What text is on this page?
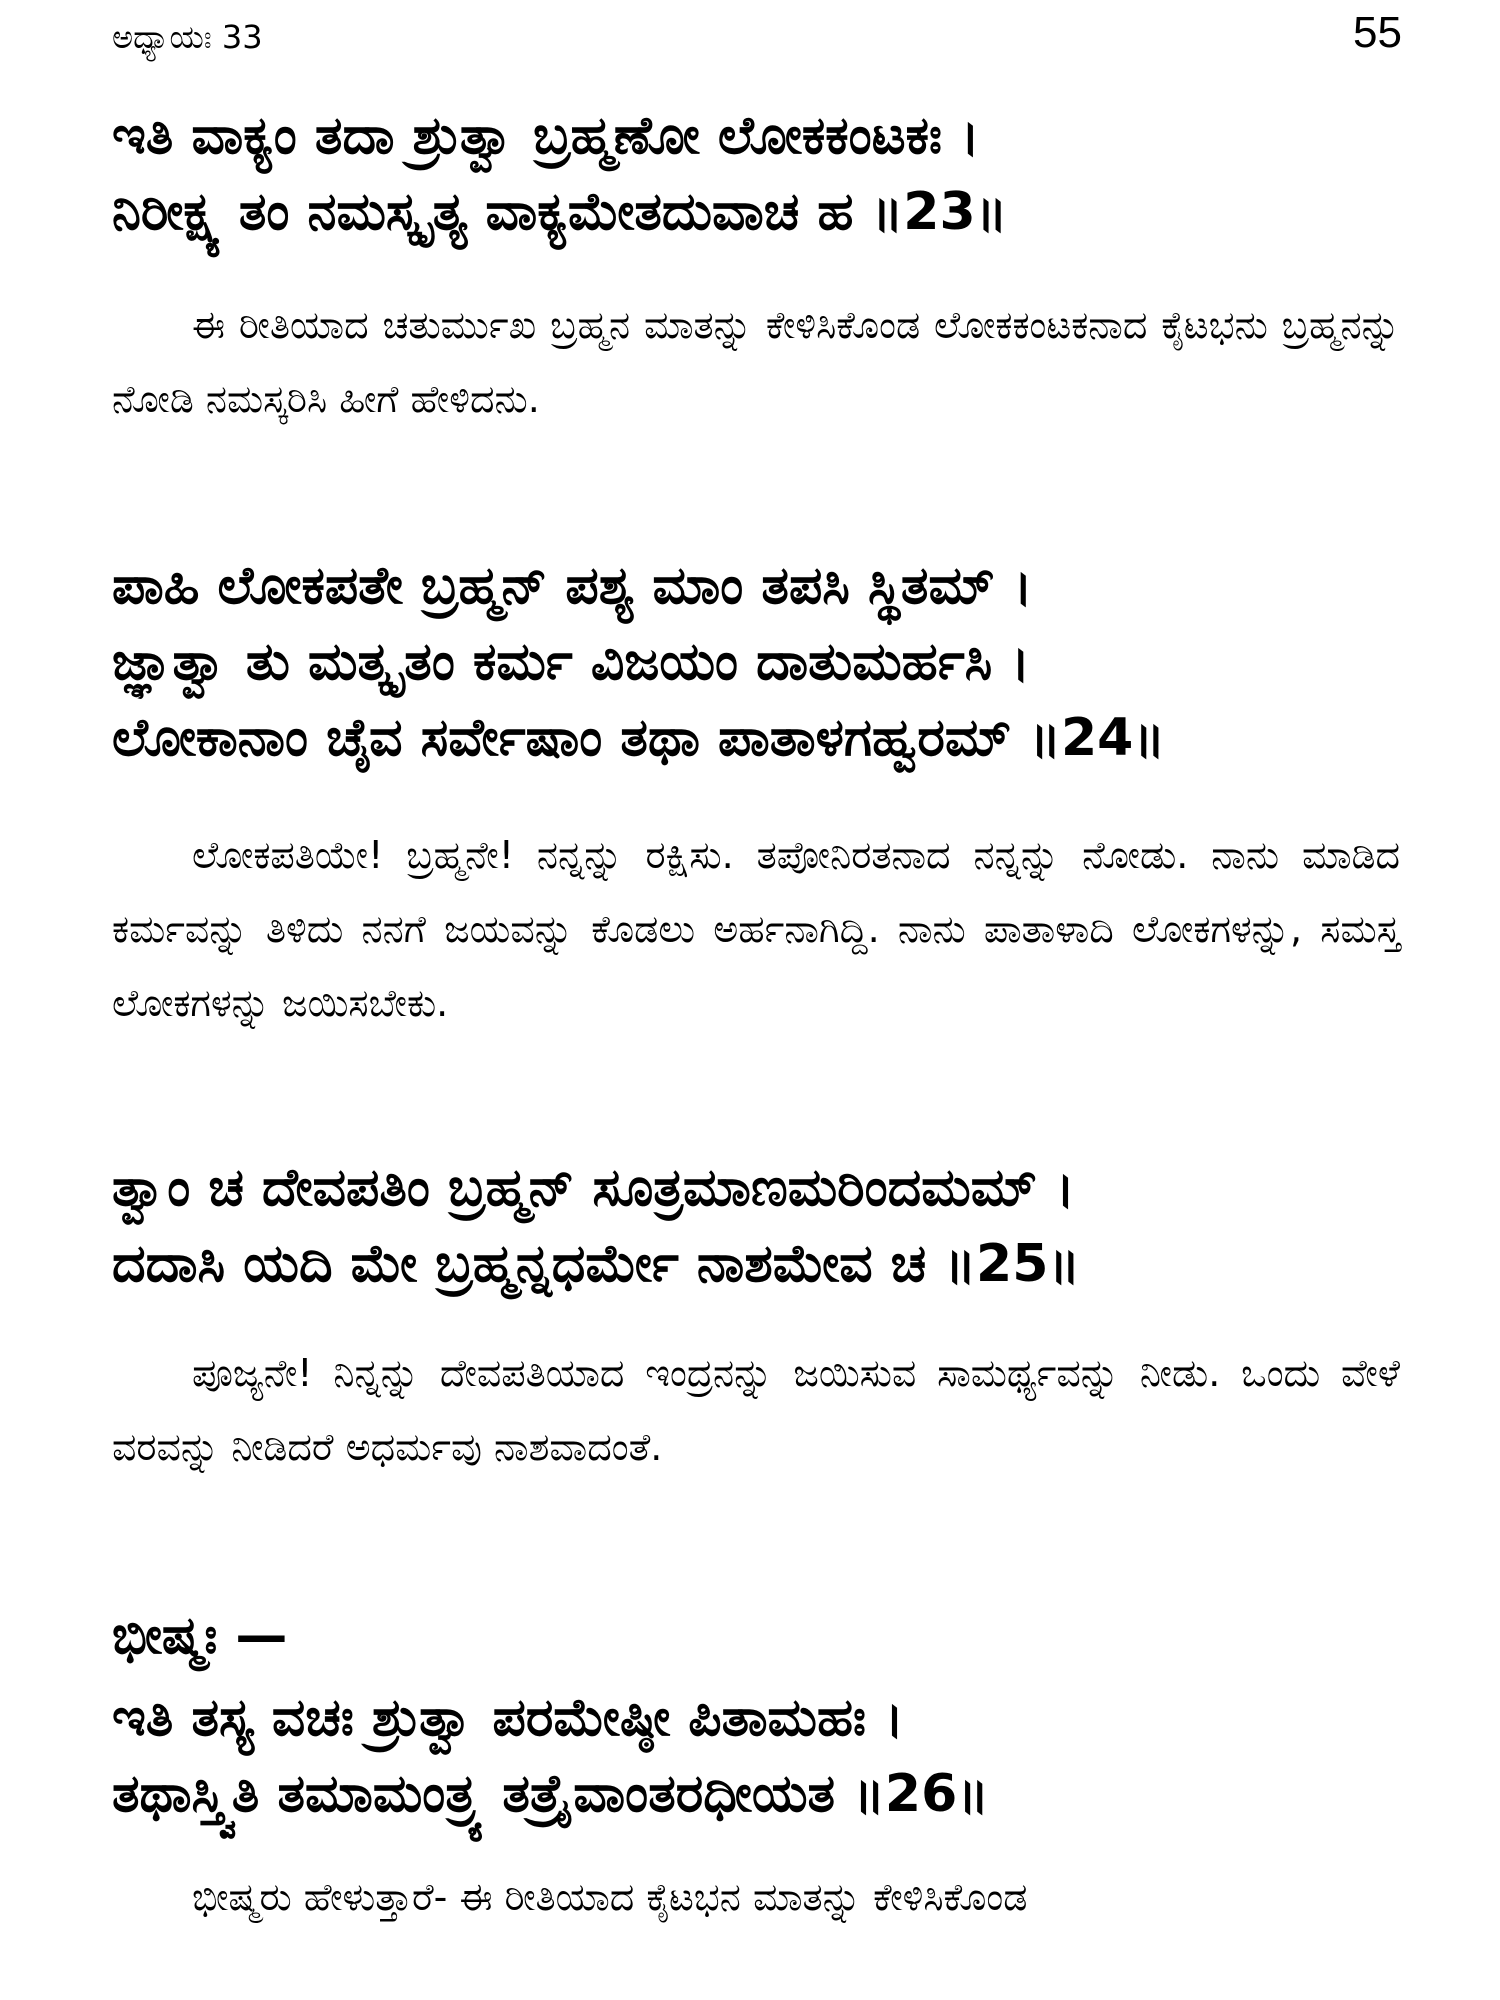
ಅಧ್ಯಾಯಃ 33	55
ಇತಿ ವಾಕ್ಯಂ ತದಾ ಶ್ರುತ್ವಾ ಬ್ರಹ್ಮಣೋ ಲೋಕಕಂಟಕಃ ।
ನಿರೀಕ್ಷ್ಯ ತಂ ನಮಸ್ಕೃತ್ಯ ವಾಕ್ಯಮೇತದುವಾಚ ಹ ॥23॥
ಈ ರೀತಿಯಾದ ಚತುರ್ಮುಖ ಬ್ರಹ್ಮನ ಮಾತನ್ನು ಕೇಳಿಸಿಕೊಂಡ ಲೋಕಕಂಟಕನಾದ ಕೈಟಭನು ಬ್ರಹ್ಮನನ್ನು ನೋಡಿ ನಮಸ್ಕರಿಸಿ ಹೀಗೆ ಹೇಳಿದನು.
ಪಾಹಿ ಲೋಕಪತೇ ಬ್ರಹ್ಮನ್ ಪಶ್ಯ ಮಾಂ ತಪಸಿ ಸ್ಥಿತಮ್ ।
ಜ್ಞಾತ್ವಾ ತು ಮತ್ಕೃತಂ ಕರ್ಮ ವಿಜಯಂ ದಾತುಮರ್ಹಸಿ ।
ಲೋಕಾನಾಂ ಚೈವ ಸರ್ವೇಷಾಂ ತಥಾ ಪಾತಾಳಗಹ್ವರಮ್ ॥24॥
ಲೋಕಪತಿಯೇ! ಬ್ರಹ್ಮನೇ! ನನ್ನನ್ನು ರಕ್ಷಿಸು. ತಪೋನಿರತನಾದ ನನ್ನನ್ನು ನೋಡು. ನಾನು ಮಾಡಿದ ಕರ್ಮವನ್ನು ತಿಳಿದು ನನಗೆ ಜಯವನ್ನು ಕೊಡಲು ಅರ್ಹನಾಗಿದ್ದಿ. ನಾನು ಪಾತಾಳಾದಿ ಲೋಕಗಳನ್ನು, ಸಮಸ್ತ ಲೋಕಗಳನ್ನು ಜಯಿಸಬೇಕು.
ತ್ವಾಂ ಚ ದೇವಪತಿಂ ಬ್ರಹ್ಮನ್ ಸೂತ್ರಮಾಣಮರಿಂದಮಮ್ ।
ದದಾಸಿ ಯದಿ ಮೇ ಬ್ರಹ್ಮನ್ನಧರ್ಮೇ ನಾಶಮೇವ ಚ ॥25॥
ಪೂಜ್ಯನೇ! ನಿನ್ನನ್ನು ದೇವಪತಿಯಾದ ಇಂದ್ರನನ್ನು ಜಯಿಸುವ ಸಾಮರ್ಥ್ಯವನ್ನು ನೀಡು. ಒಂದು ವೇಳೆ ವರವನ್ನು ನೀಡಿದರೆ ಅಧರ್ಮವು ನಾಶವಾದಂತೆ.
ಭೀಷ್ಮಃ —
ಇತಿ ತಸ್ಯ ವಚಃ ಶ್ರುತ್ವಾ ಪರಮೇಷ್ಠೀ ಪಿತಾಮಹಃ ।
ತಥಾಸ್ತ್ವಿತಿ ತಮಾಮಂತ್ರ್ಯ ತತ್ರೈವಾಂತರಧೀಯತ ॥26॥
ಭೀಷ್ಮರು ಹೇಳುತ್ತಾರೆ- ಈ ರೀತಿಯಾದ ಕೈಟಭನ ಮಾತನ್ನು ಕೇಳಿಸಿಕೊಂಡ
